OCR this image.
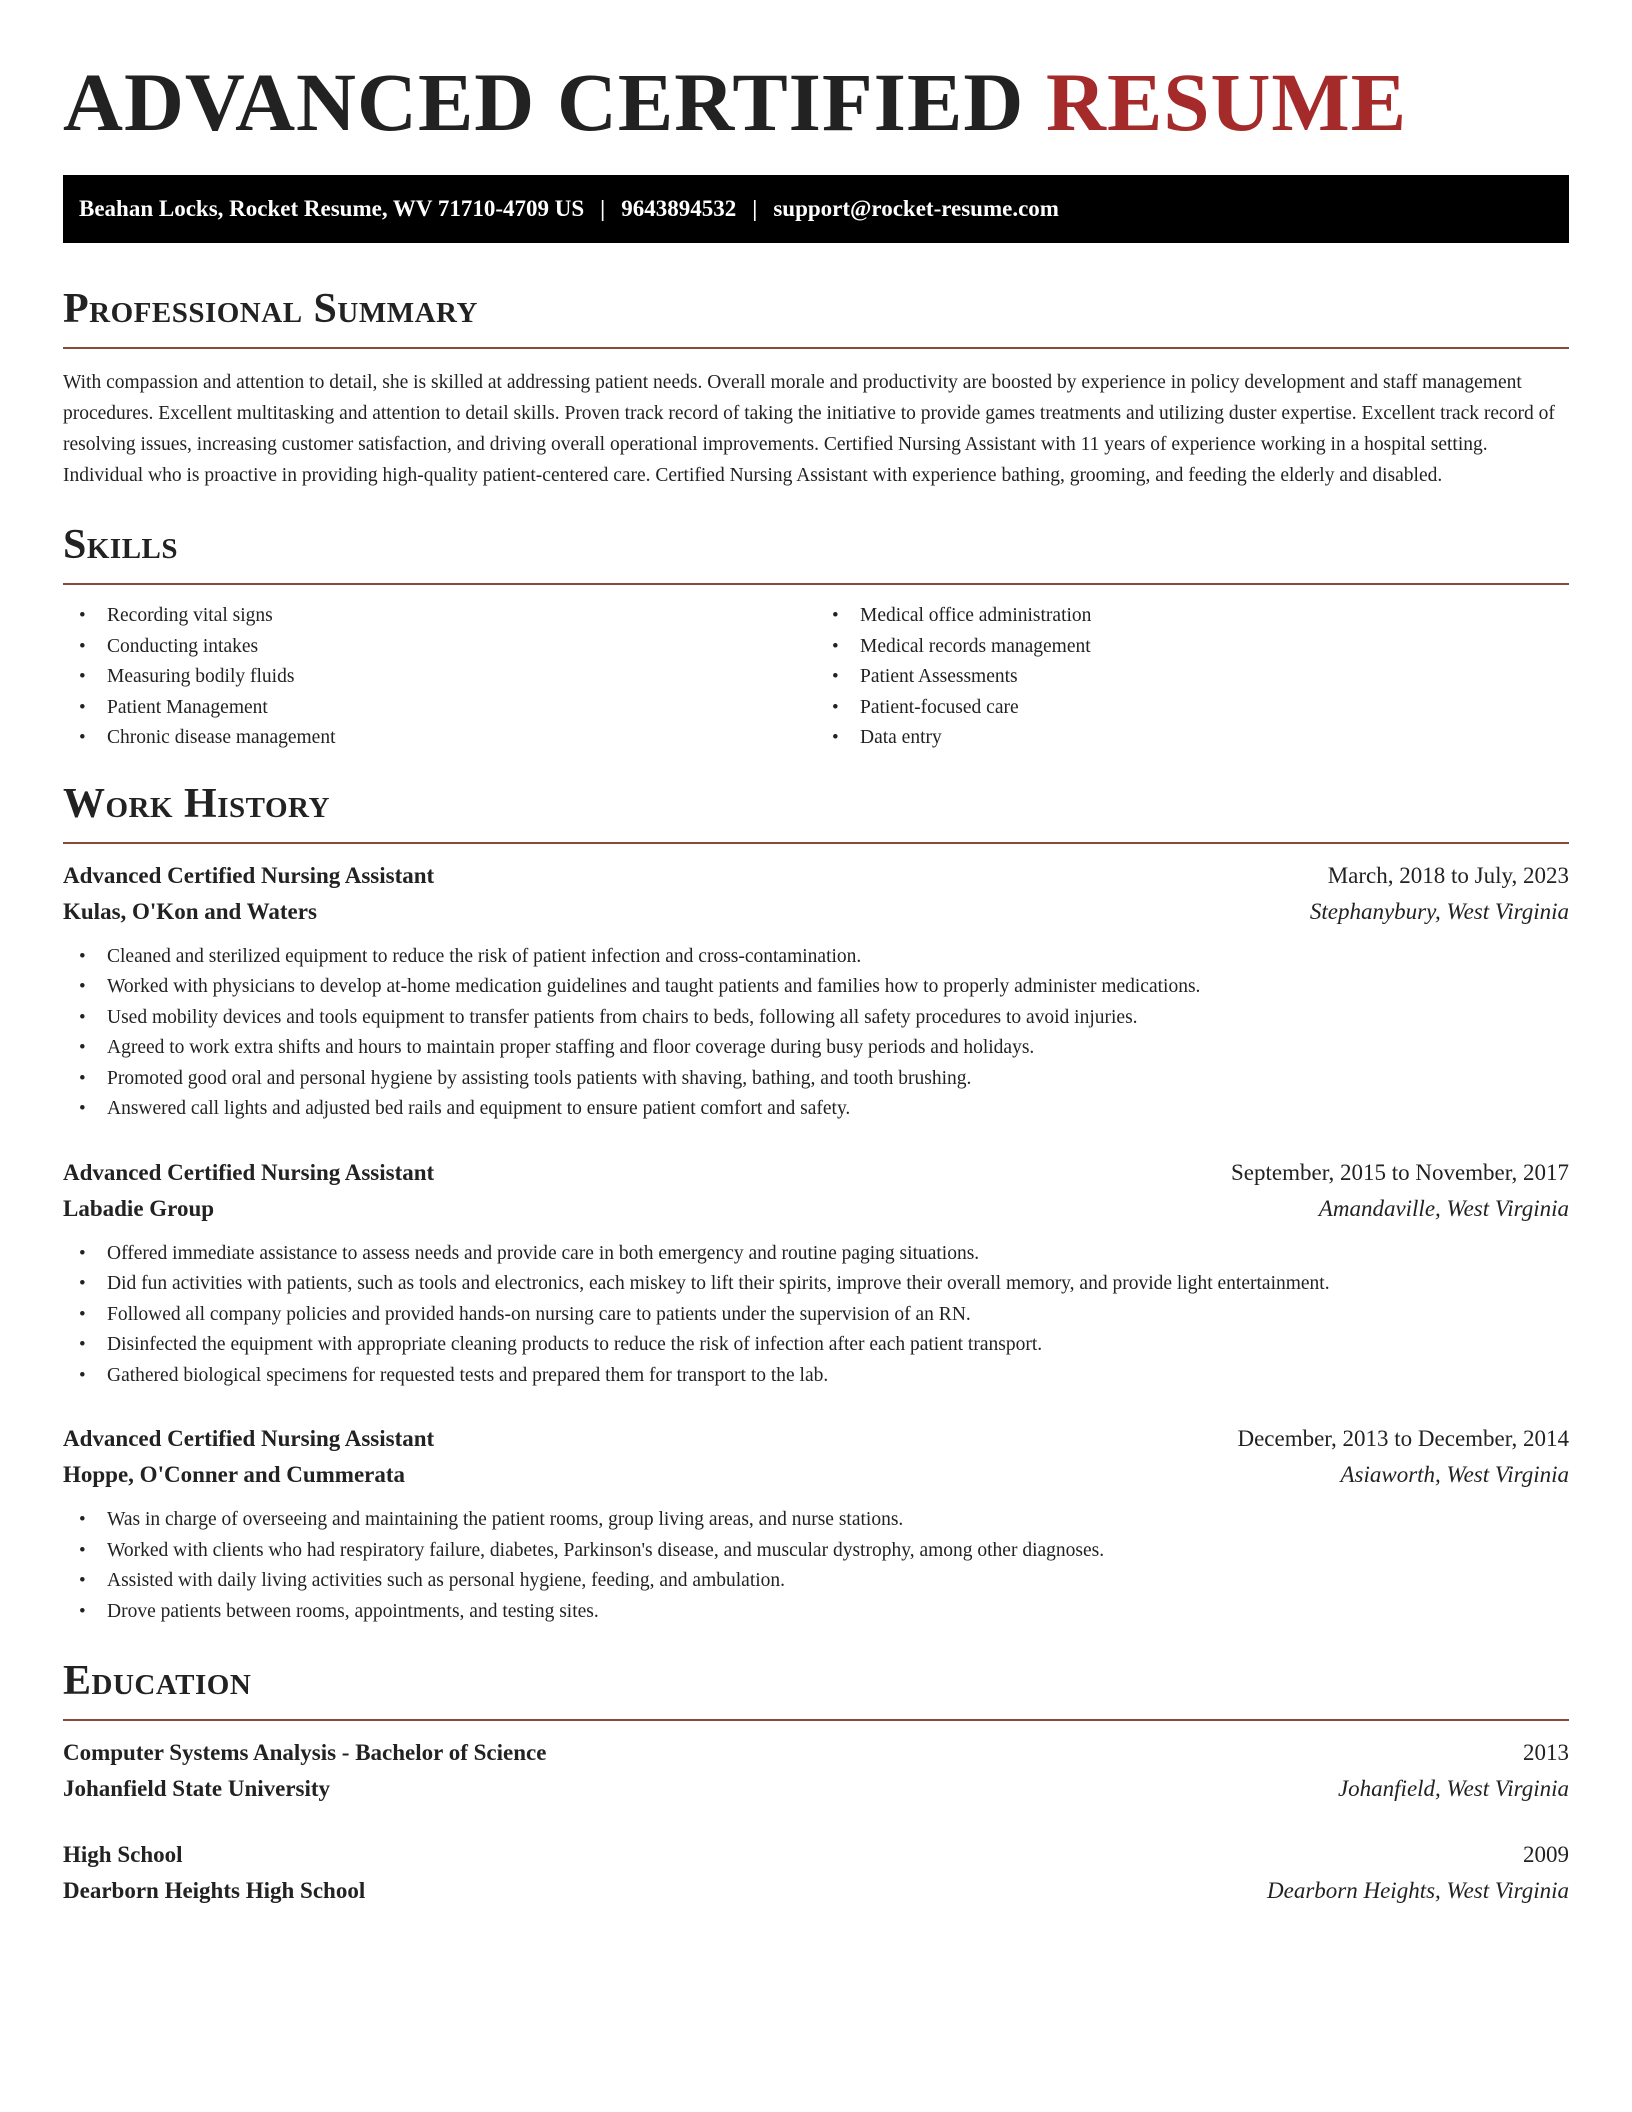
ADVANCED CERTIFIED RESUME
Beahan Locks, Rocket Resume, WV 71710-4709 US | 9643894532 | support@rocket-resume.com
Professional Summary

With compassion and attention to detail, she is skilled at addressing patient needs. Overall morale and productivity are boosted by experience in policy development and staff management procedures. Excellent multitasking and attention to detail skills. Proven track record of taking the initiative to provide games treatments and utilizing duster expertise. Excellent track record of resolving issues, increasing customer satisfaction, and driving overall operational improvements. Certified Nursing Assistant with 11 years of experience working in a hospital setting. Individual who is proactive in providing high-quality patient-centered care. Certified Nursing Assistant with experience bathing, grooming, and feeding the elderly and disabled.

Skills
• Recording vital signs
• Conducting intakes
• Measuring bodily fluids
• Patient Management
• Chronic disease management
• Medical office administration
• Medical records management
• Patient Assessments
• Patient-focused care
• Data entry
Work History
Advanced Certified Nursing Assistant	March, 2018 to July, 2023
Kulas, O'Kon and Waters	Stephanybury, West Virginia
• Cleaned and sterilized equipment to reduce the risk of patient infection and cross-contamination.
• Worked with physicians to develop at-home medication guidelines and taught patients and families how to properly administer medications.
• Used mobility devices and tools equipment to transfer patients from chairs to beds, following all safety procedures to avoid injuries.
• Agreed to work extra shifts and hours to maintain proper staffing and floor coverage during busy periods and holidays.
• Promoted good oral and personal hygiene by assisting tools patients with shaving, bathing, and tooth brushing.
• Answered call lights and adjusted bed rails and equipment to ensure patient comfort and safety.
Advanced Certified Nursing Assistant	September, 2015 to November, 2017
Labadie Group	Amandaville, West Virginia
• Offered immediate assistance to assess needs and provide care in both emergency and routine paging situations.
• Did fun activities with patients, such as tools and electronics, each miskey to lift their spirits, improve their overall memory, and provide light entertainment.
• Followed all company policies and provided hands-on nursing care to patients under the supervision of an RN.
• Disinfected the equipment with appropriate cleaning products to reduce the risk of infection after each patient transport.
• Gathered biological specimens for requested tests and prepared them for transport to the lab.
Advanced Certified Nursing Assistant	December, 2013 to December, 2014
Hoppe, O'Conner and Cummerata	Asiaworth, West Virginia
• Was in charge of overseeing and maintaining the patient rooms, group living areas, and nurse stations.
• Worked with clients who had respiratory failure, diabetes, Parkinson's disease, and muscular dystrophy, among other diagnoses.
• Assisted with daily living activities such as personal hygiene, feeding, and ambulation.
• Drove patients between rooms, appointments, and testing sites.
Education
Computer Systems Analysis - Bachelor of Science	2013
Johanfield State University	Johanfield, West Virginia
High School	2009
Dearborn Heights High School	Dearborn Heights, West Virginia
